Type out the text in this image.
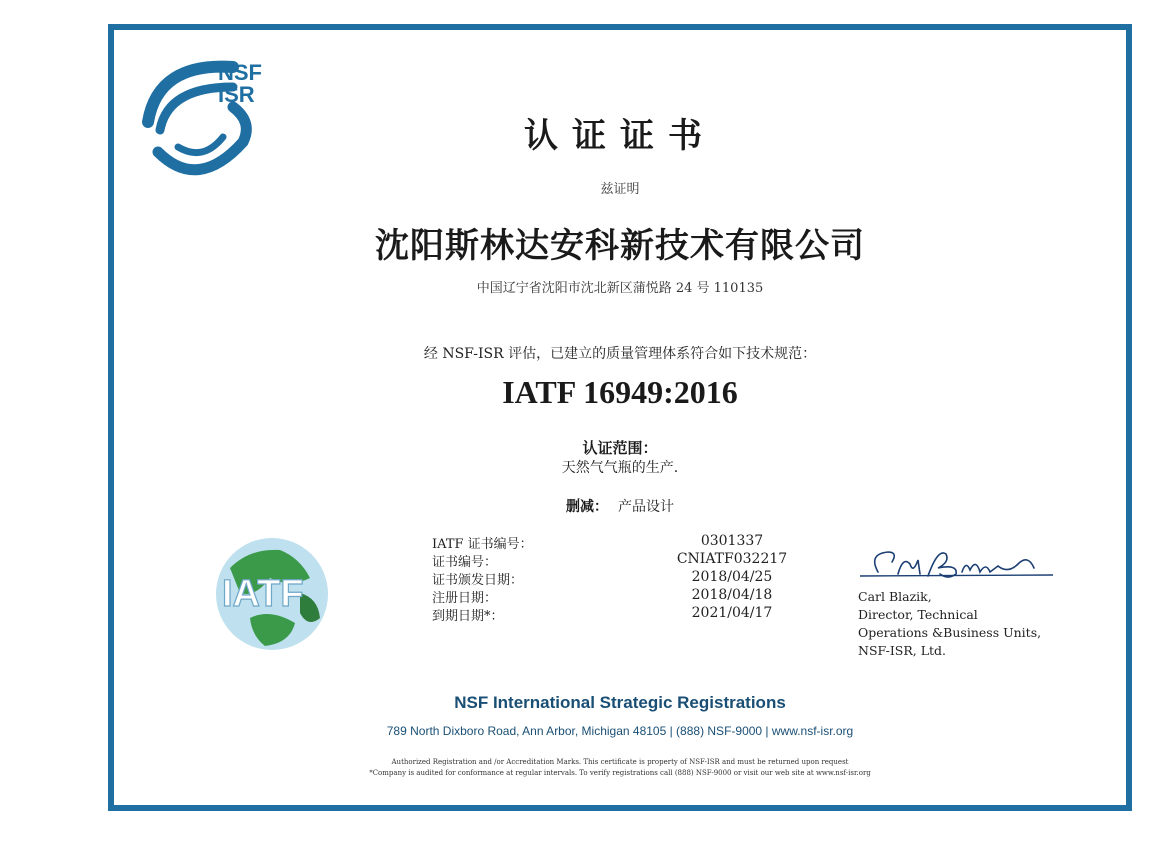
NSF
ISR
认证证书
兹证明
沈阳斯林达安科新技术有限公司
中国辽宁省沈阳市沈北新区蒲悦路 24 号 110135
经 NSF-ISR 评估，已建立的质量管理体系符合如下技术规范：
IATF 16949:2016
认证范围：
天然气气瓶的生产.
删减： 产品设计
IATF
IATF 证书编号：	0301337
证书编号：	CNIATF032217
证书颁发日期：	2018/04/25
注册日期：	2018/04/18
到期日期*：	2021/04/17
Carl Blazik,
Director, Technical
Operations &Business Units,
NSF-ISR, Ltd.
NSF International Strategic Registrations
789 North Dixboro Road, Ann Arbor, Michigan 48105 | (888) NSF-9000 | www.nsf-isr.org
Authorized Registration and /or Accreditation Marks. This certificate is property of NSF-ISR and must be returned upon request
*Company is audited for conformance at regular intervals. To verify registrations call (888) NSF-9000 or visit our web site at www.nsf-isr.org
